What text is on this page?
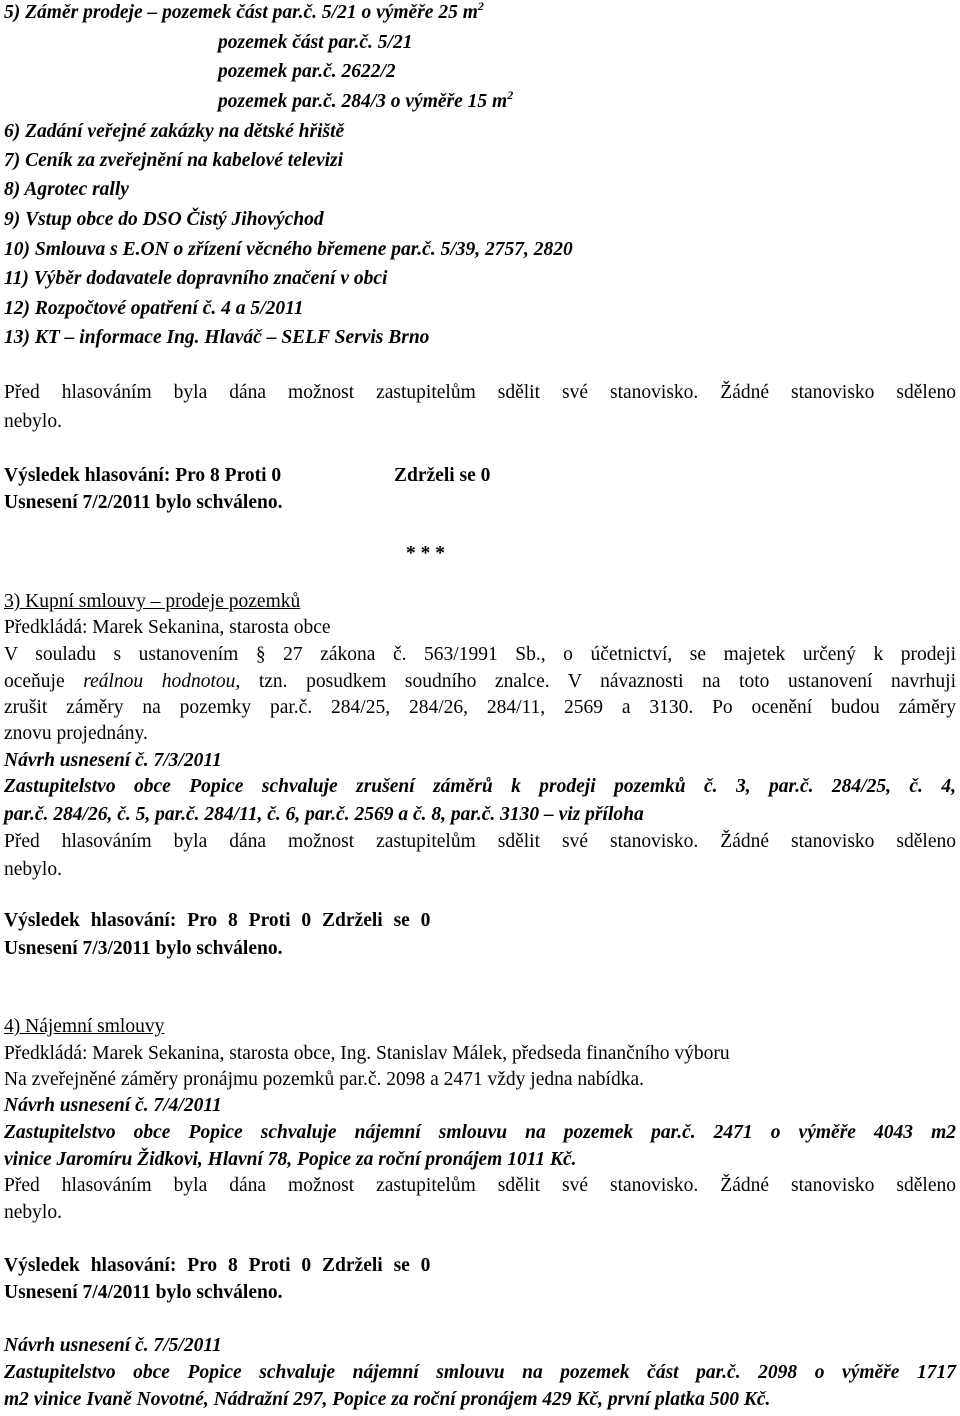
5) Záměr prodeje – pozemek část par.č. 5/21 o výměře 25 $m^2$
pozemek část par.č. 5/21
pozemek par.č. 2622/2
pozemek par.č. 284/3 o výměře 15 $m^2$
6) Zadání veřejné zakázky na dětské hřiště
7) Ceník za zveřejnění na kabelové televizi
8) Agrotec rally
9) Vstup obce do DSO Čistý Jihovýchod
10) Smlouva s E.ON o zřízení věcného břemene par.č. 5/39, 2757, 2820
11) Výběr dodavatele dopravního značení v obci
12) Rozpočtové opatření č. 4 a 5/2011
13) KT – informace Ing. Hlaváč – SELF Servis Brno
Před hlasováním byla dána možnost zastupitelům sdělit své stanovisko. Žádné stanovisko sděleno
nebylo.
Výsledek hlasování: Pro 8 Proti 0	Zdrželi se 0
Usnesení 7/2/2011 bylo schváleno.
* * *
3) Kupní smlouvy – prodeje pozemků
Předkládá: Marek Sekanina, starosta obce
V souladu s ustanovením § 27 zákona č. 563/1991 Sb., o účetnictví, se majetek určený k prodeji
oceňuje reálnou hodnotou, tzn. posudkem soudního znalce. V návaznosti na toto ustanovení navrhuji
zrušit záměry na pozemky par.č. 284/25, 284/26, 284/11, 2569 a 3130. Po ocenění budou záměry
znovu projednány.
Návrh usnesení č. 7/3/2011
Zastupitelstvo obce Popice schvaluje zrušení záměrů k prodeji pozemků č. 3, par.č. 284/25, č. 4,
par.č. 284/26, č. 5, par.č. 284/11, č. 6, par.č. 2569 a č. 8, par.č. 3130 – viz příloha
Před hlasováním byla dána možnost zastupitelům sdělit své stanovisko. Žádné stanovisko sděleno
nebylo.
Výsledek hlasování: Pro 8 Proti 0 Zdrželi se 0
Usnesení 7/3/2011 bylo schváleno.
4) Nájemní smlouvy
Předkládá: Marek Sekanina, starosta obce, Ing. Stanislav Málek, předseda finančního výboru
Na zveřejněné záměry pronájmu pozemků par.č. 2098 a 2471 vždy jedna nabídka.
Návrh usnesení č. 7/4/2011
Zastupitelstvo obce Popice schvaluje nájemní smlouvu na pozemek par.č. 2471 o výměře 4043 m2
vinice Jaromíru Židkovi, Hlavní 78, Popice za roční pronájem 1011 Kč.
Před hlasováním byla dána možnost zastupitelům sdělit své stanovisko. Žádné stanovisko sděleno
nebylo.
Výsledek hlasování: Pro 8 Proti 0 Zdrželi se 0
Usnesení 7/4/2011 bylo schváleno.
Návrh usnesení č. 7/5/2011
Zastupitelstvo obce Popice schvaluje nájemní smlouvu na pozemek část par.č. 2098 o výměře 1717
m2 vinice Ivaně Novotné, Nádražní 297, Popice za roční pronájem 429 Kč, první platka 500 Kč.
